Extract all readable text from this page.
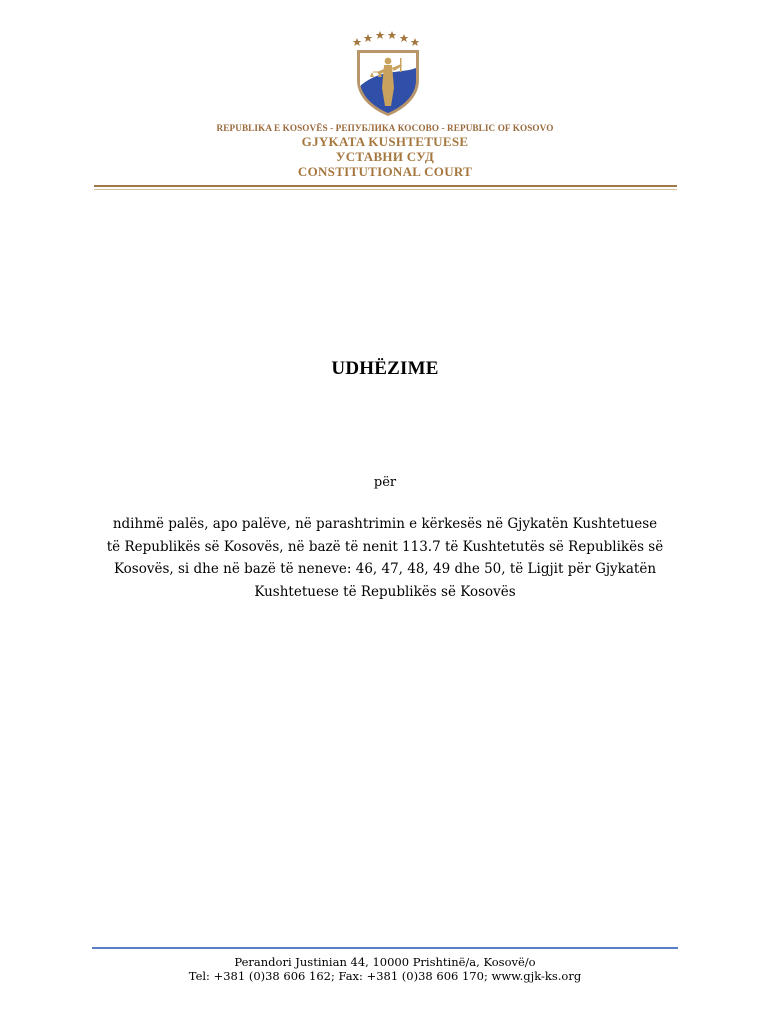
REPUBLIKA E KOSOVËS - РЕПУБЛИКА КОСОВО - REPUBLIC OF KOSOVO
GJYKATA KUSHTETUESE
УСТАВНИ СУД
CONSTITUTIONAL COURT
UDHËZIME
për
ndihmë palës, apo palëve, në parashtrimin e kërkesës në Gjykatën Kushtetuese
të Republikës së Kosovës, në bazë të nenit 113.7 të Kushtetutës së Republikës së
Kosovës, si dhe në bazë të neneve: 46, 47, 48, 49 dhe 50, të Ligjit për Gjykatën
Kushtetuese të Republikës së Kosovës
Perandori Justinian 44, 10000 Prishtinë/a, Kosovë/o
Tel: +381 (0)38 606 162; Fax: +381 (0)38 606 170; www.gjk-ks.org
